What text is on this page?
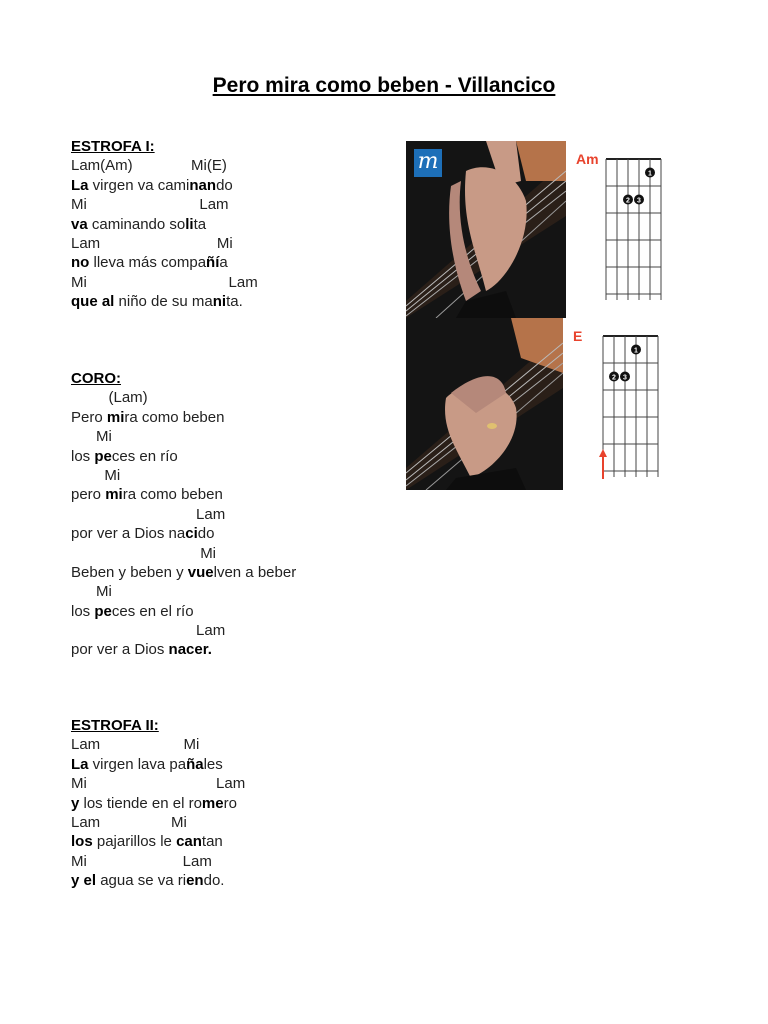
Pero mira como beben - Villancico
ESTROFA I:
Lam(Am)              Mi(E)
La virgen va caminando
Mi                           Lam
va caminando solita
Lam                            Mi
no lleva más compañía
Mi                                  Lam
que al niño de su manita.
CORO:
(Lam)
Pero mira como beben
Mi
los peces en río
Mi
pero mira como beben
Lam
por ver a Dios nacido
Mi
Beben y beben y vuelven a beber
Mi
los peces en el río
Lam
por ver a Dios nacer.
ESTROFA II:
Lam                    Mi
La virgen lava pañales
Mi                               Lam
y los tiende en el romero
Lam                 Mi
los pajarillos le cantan
Mi                       Lam
y el agua se va riendo.
m	Am
1
2 3
E
1
2 3
